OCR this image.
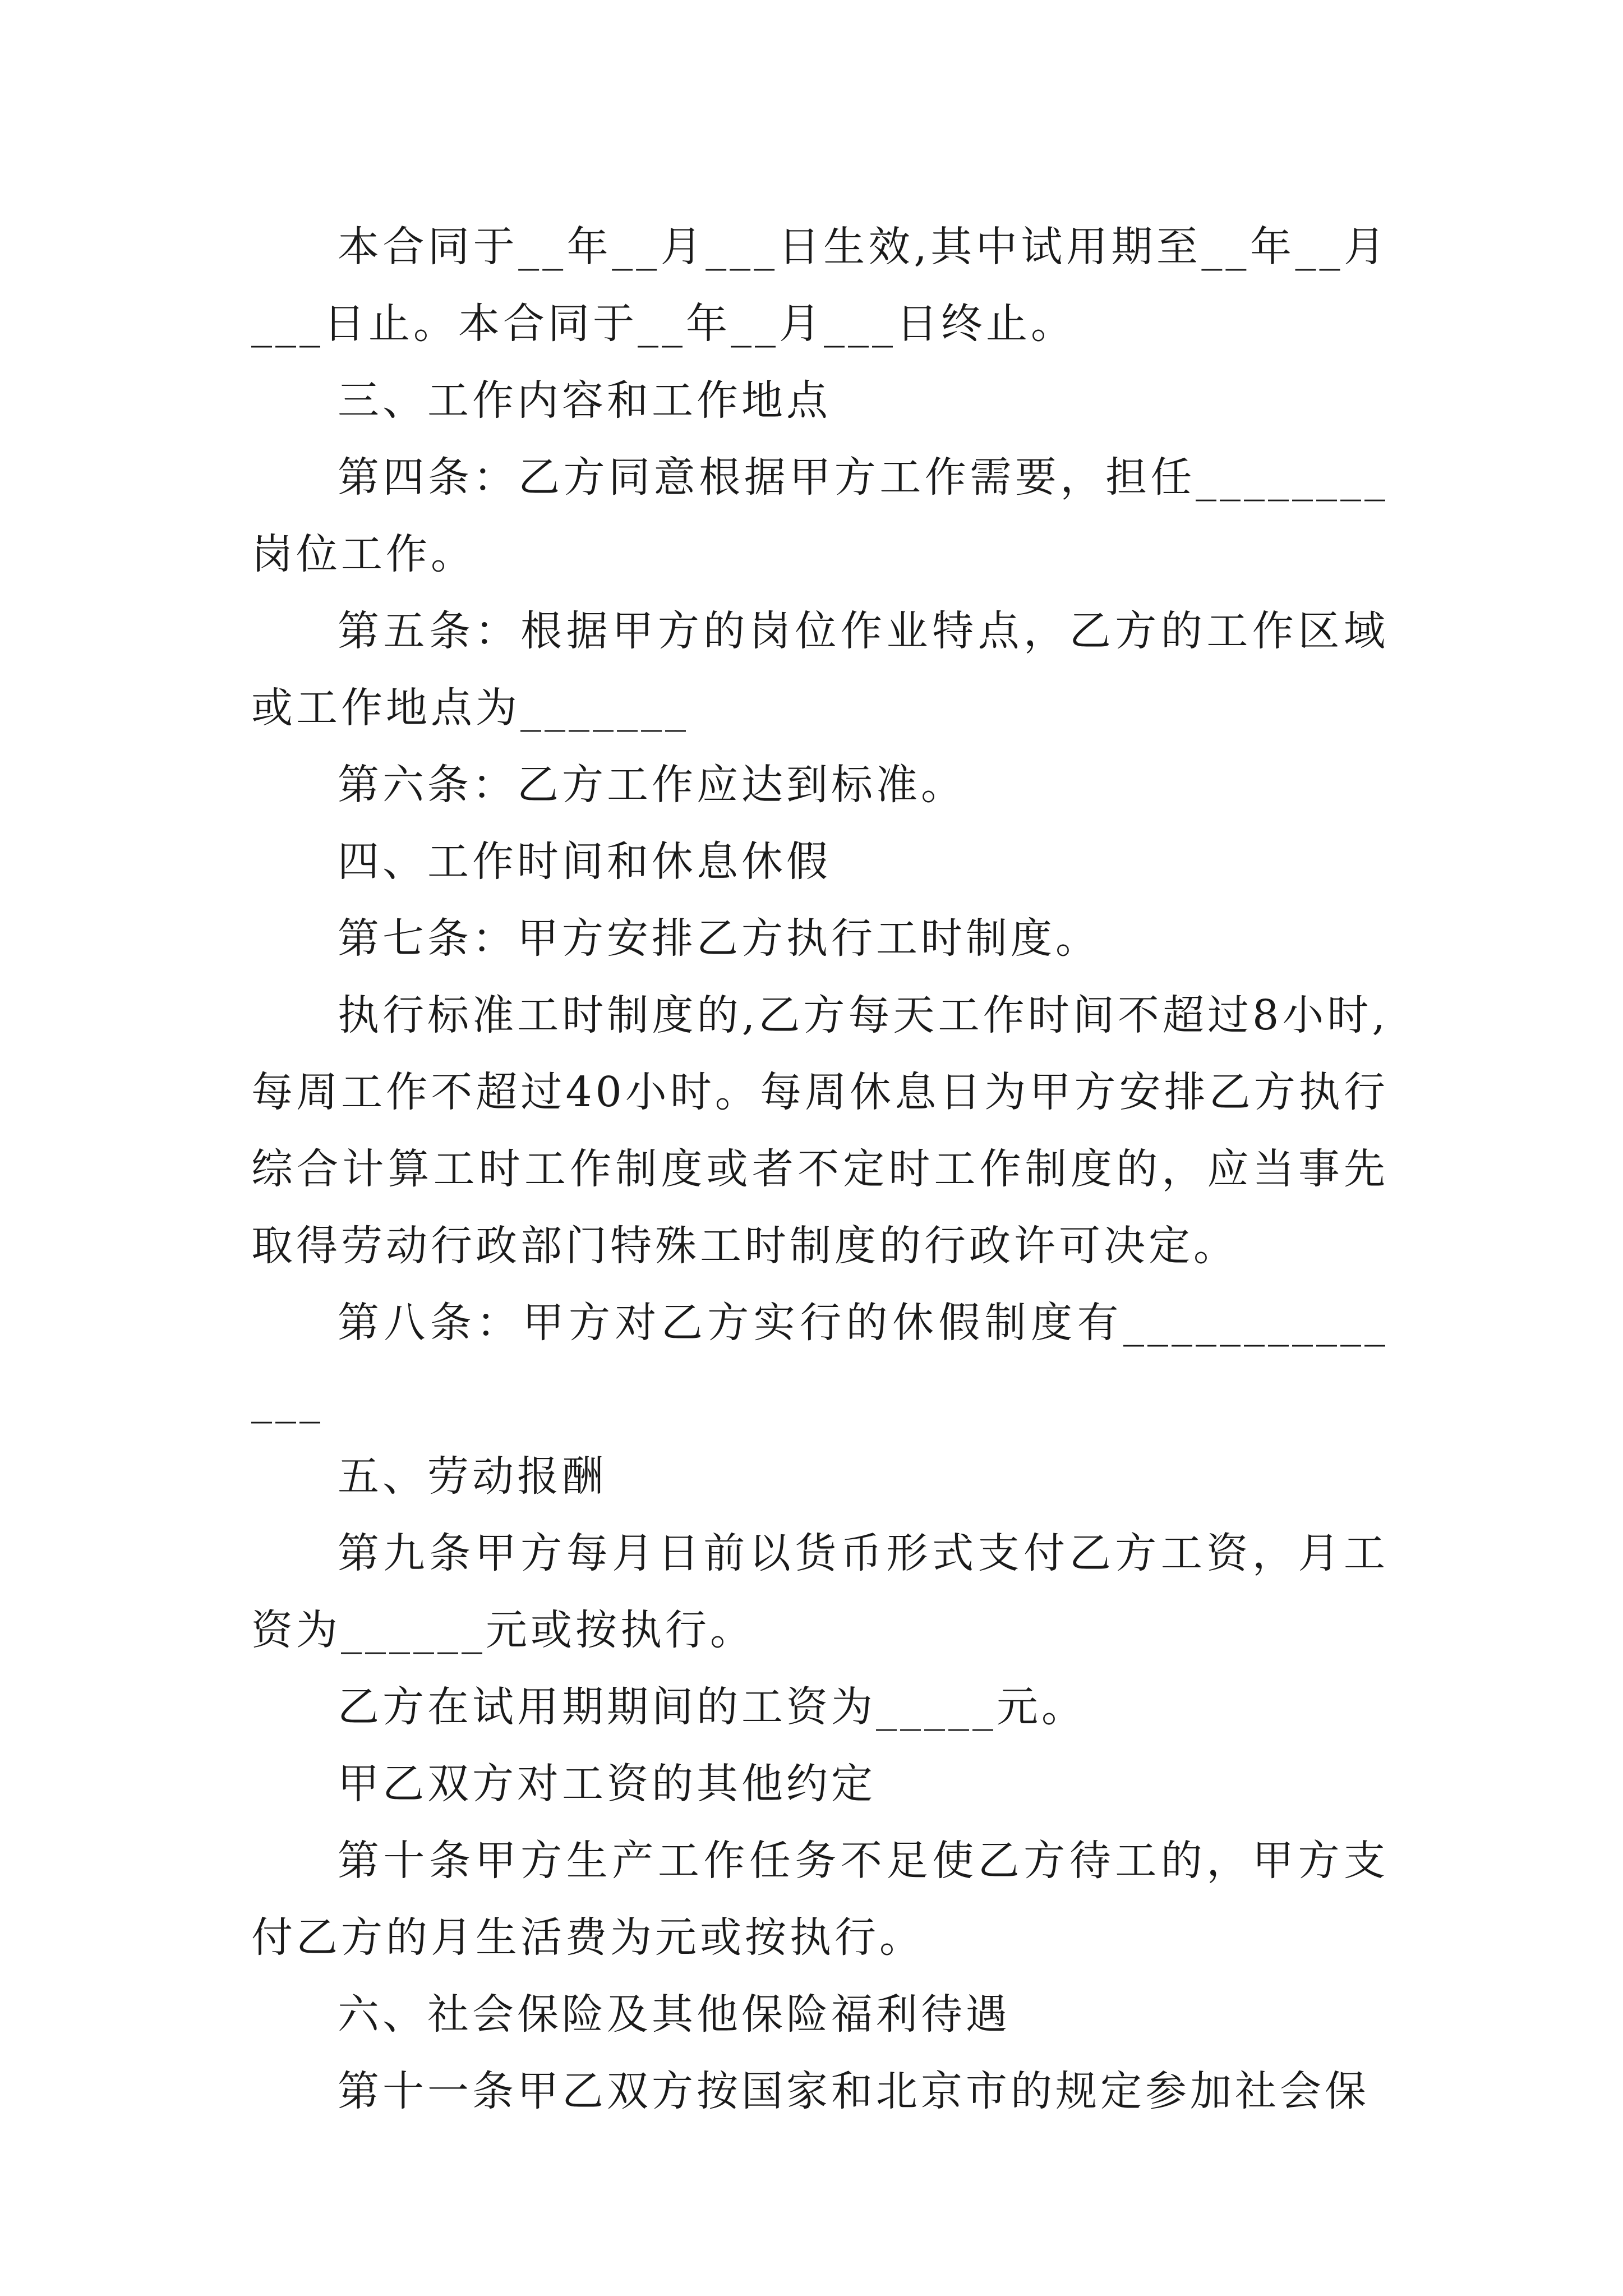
本合同于__年__月___日生效,其中试用期至__年__月___日止。本合同于__年__月___日终止。

三、工作内容和工作地点

第四条：乙方同意根据甲方工作需要，担任________岗位工作。

第五条：根据甲方的岗位作业特点，乙方的工作区域或工作地点为_______

第六条：乙方工作应达到标准。

四、工作时间和休息休假

第七条：甲方安排乙方执行工时制度。

执行标准工时制度的,乙方每天工作时间不超过8小时,每周工作不超过40小时。每周休息日为甲方安排乙方执行综合计算工时工作制度或者不定时工作制度的，应当事先取得劳动行政部门特殊工时制度的行政许可决定。

第八条：甲方对乙方实行的休假制度有______________

五、劳动报酬

第九条甲方每月日前以货币形式支付乙方工资，月工资为______元或按执行。

乙方在试用期期间的工资为_____元。

甲乙双方对工资的其他约定

第十条甲方生产工作任务不足使乙方待工的，甲方支付乙方的月生活费为元或按执行。

六、社会保险及其他保险福利待遇

第十一条甲乙双方按国家和北京市的规定参加社会保
